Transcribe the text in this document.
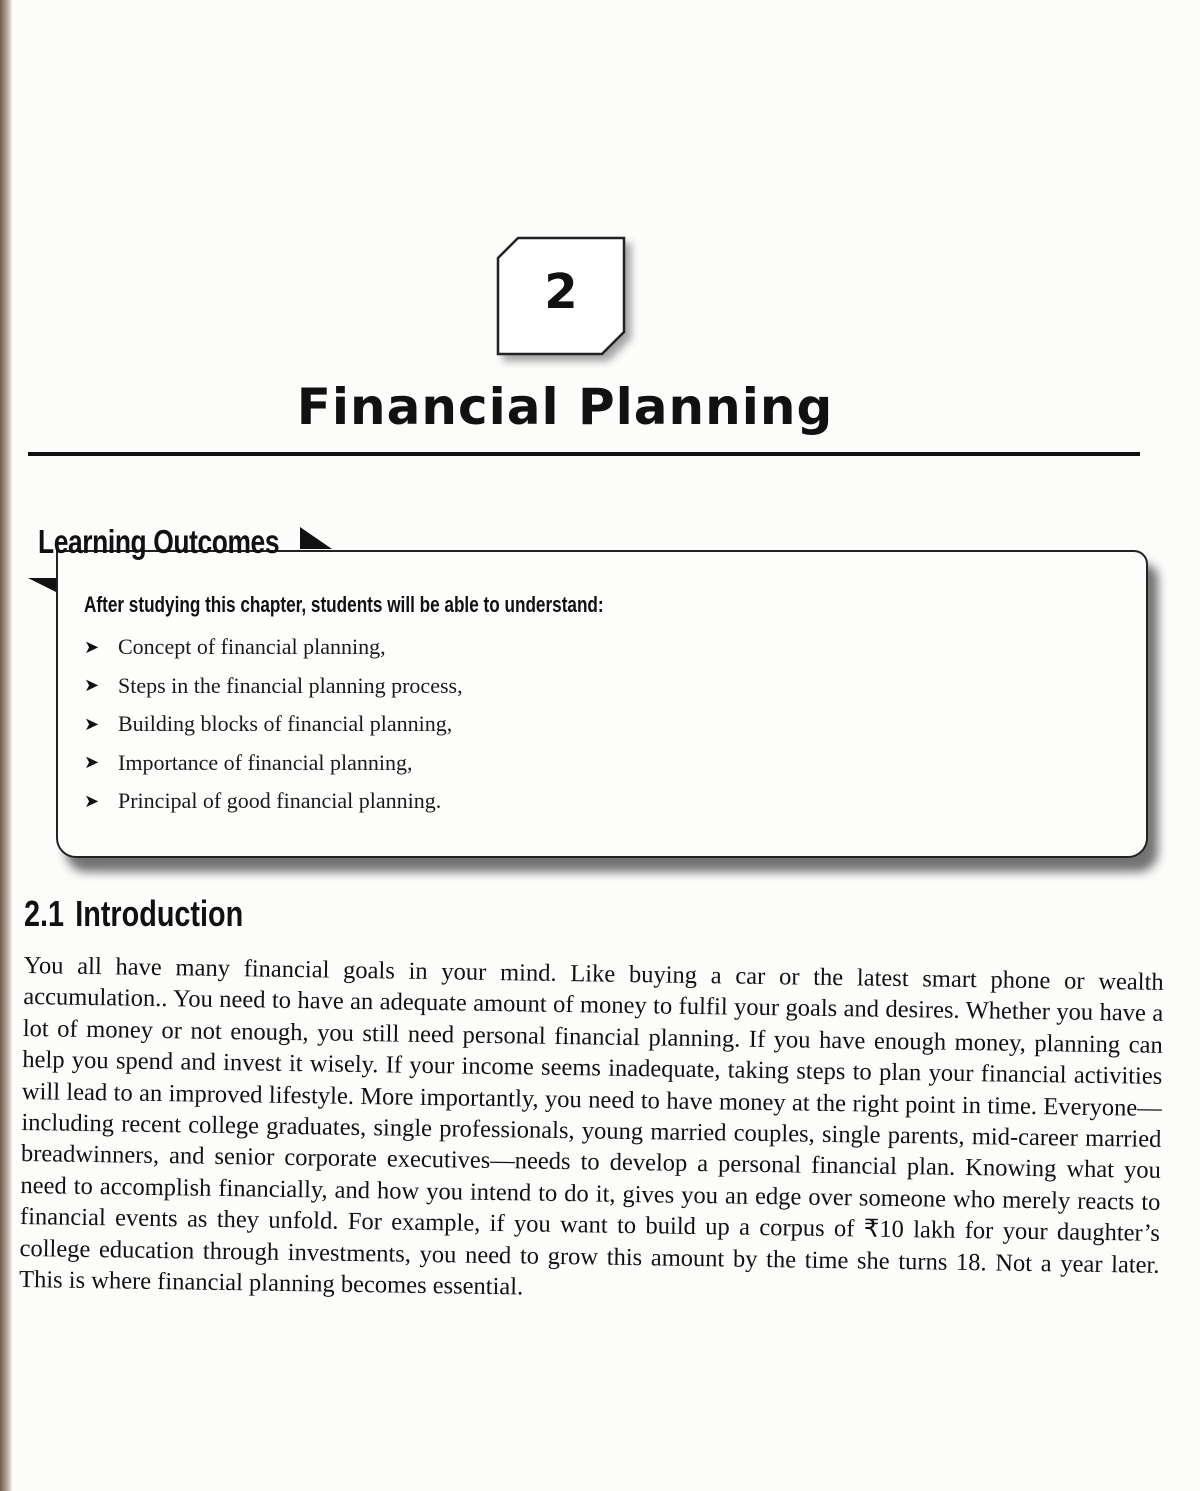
2
Financial Planning
Learning Outcomes
After studying this chapter, students will be able to understand:
➤ Concept of financial planning,
➤ Steps in the financial planning process,
➤ Building blocks of financial planning,
➤ Importance of financial planning,
➤ Principal of good financial planning.
2.1 Introduction

You all have many financial goals in your mind. Like buying a car or the latest smart phone or wealth accumulation.. You need to have an adequate amount of money to fulfil your goals and desires. Whether you have a lot of money or not enough, you still need personal financial planning. If you have enough money, planning can help you spend and invest it wisely. If your income seems inadequate, taking steps to plan your financial activities will lead to an improved lifestyle. More importantly, you need to have money at the right point in time. Everyone—including recent college graduates, single professionals, young married couples, single parents, mid-career married breadwinners, and senior corporate executives—needs to develop a personal financial plan. Knowing what you need to accomplish financially, and how you intend to do it, gives you an edge over someone who merely reacts to financial events as they unfold. For example, if you want to build up a corpus of ₹10 lakh for your daughter’s college education through investments, you need to grow this amount by the time she turns 18. Not a year later. This is where financial planning becomes essential.
